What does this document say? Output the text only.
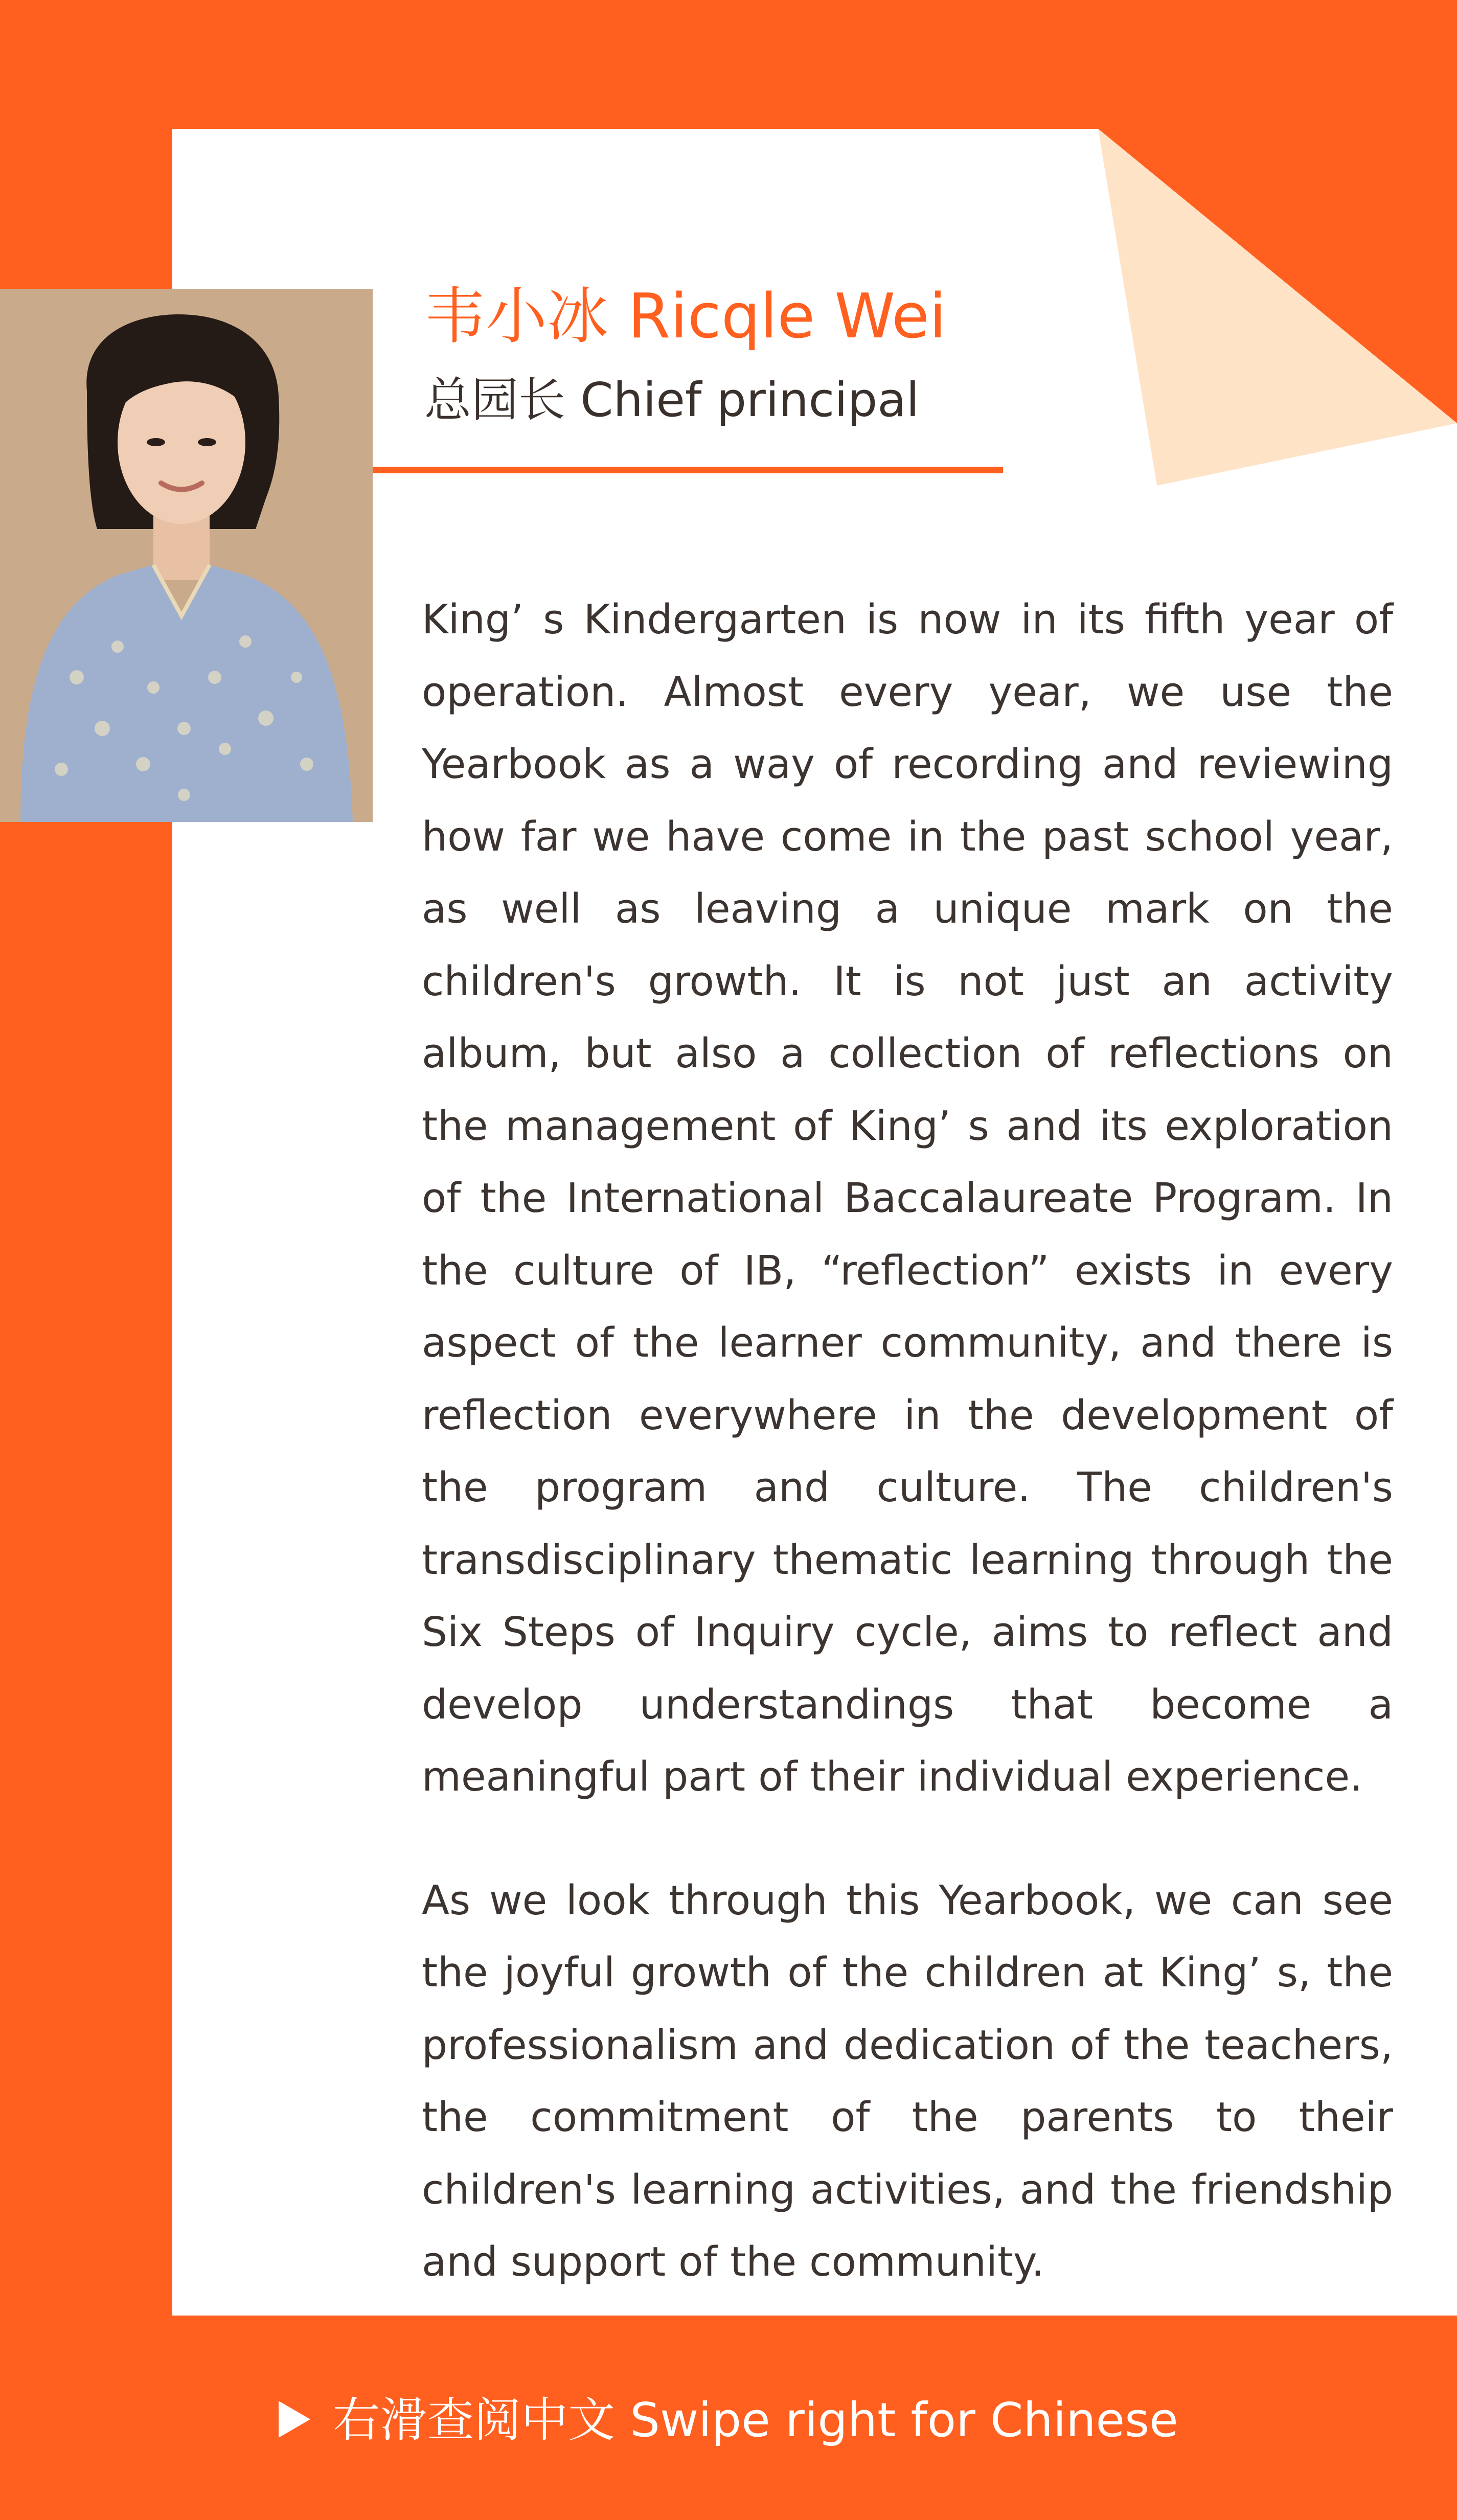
韦小冰 Ricqle Wei
总园长 Chief principal

King’ s Kindergarten is now in its fifth year of operation. Almost every year, we use the Yearbook as a way of recording and reviewing how far we have come in the past school year, as well as leaving a unique mark on the children's growth. It is not just an activity album, but also a collection of reflections on the management of King’ s and its exploration of the International Baccalaureate Program. In the culture of IB, “reflection” exists in every aspect of the learner community, and there is reflection everywhere in the development of the program and culture. The children's transdisciplinary thematic learning through the Six Steps of Inquiry cycle, aims to reflect and develop understandings that become a meaningful part of their individual experience.

As we look through this Yearbook, we can see the joyful growth of the children at King’ s, the professionalism and dedication of the teachers, the commitment of the parents to their children's learning activities, and the friendship and support of the community.

右滑查阅中文 Swipe right for Chinese
